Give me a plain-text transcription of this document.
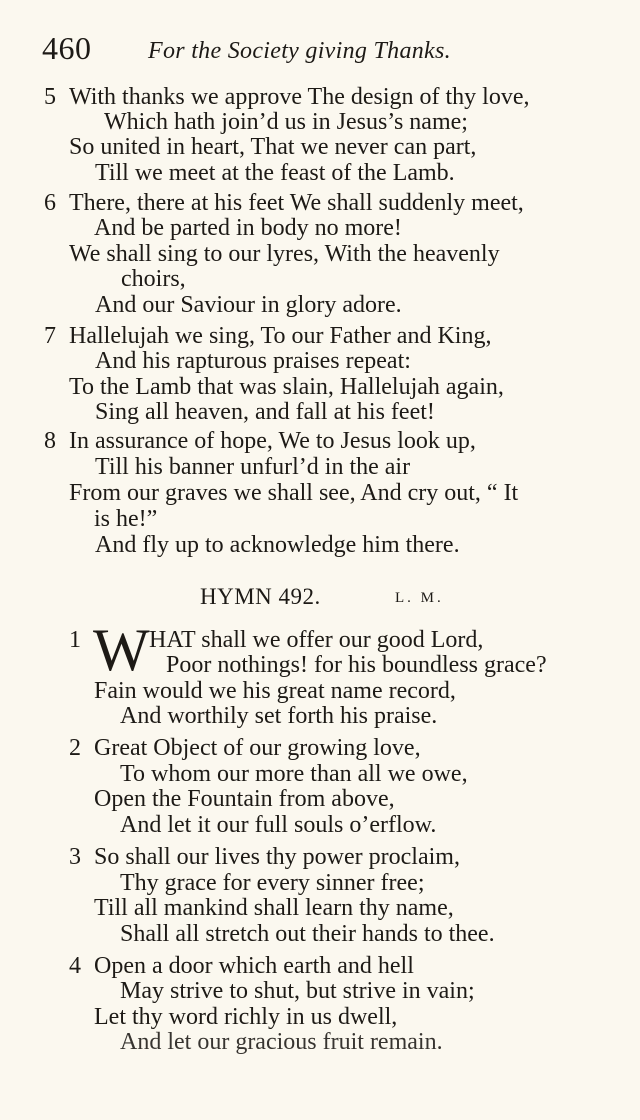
460 For the Society giving Thanks.
5 With thanks we approve The design of thy love,
Which hath join’d us in Jesus’s name;
So united in heart, That we never can part,
Till we meet at the feast of the Lamb.
6 There, there at his feet We shall suddenly meet,
And be parted in body no more!
We shall sing to our lyres, With the heavenly
choirs,
And our Saviour in glory adore.
7 Hallelujah we sing, To our Father and King,
And his rapturous praises repeat:
To the Lamb that was slain, Hallelujah again,
Sing all heaven, and fall at his feet!
8 In assurance of hope, We to Jesus look up,
Till his banner unfurl’d in the air
From our graves we shall see, And cry out, “ It
is he!”
And fly up to acknowledge him there.
HYMN 492.	L. M.
1 W HAT shall we offer our good Lord,
Poor nothings! for his boundless grace?
Fain would we his great name record,
And worthily set forth his praise.
2 Great Object of our growing love,
To whom our more than all we owe,
Open the Fountain from above,
And let it our full souls o’erflow.
3 So shall our lives thy power proclaim,
Thy grace for every sinner free;
Till all mankind shall learn thy name,
Shall all stretch out their hands to thee.
4 Open a door which earth and hell
May strive to shut, but strive in vain;
Let thy word richly in us dwell,
And let our gracious fruit remain.
